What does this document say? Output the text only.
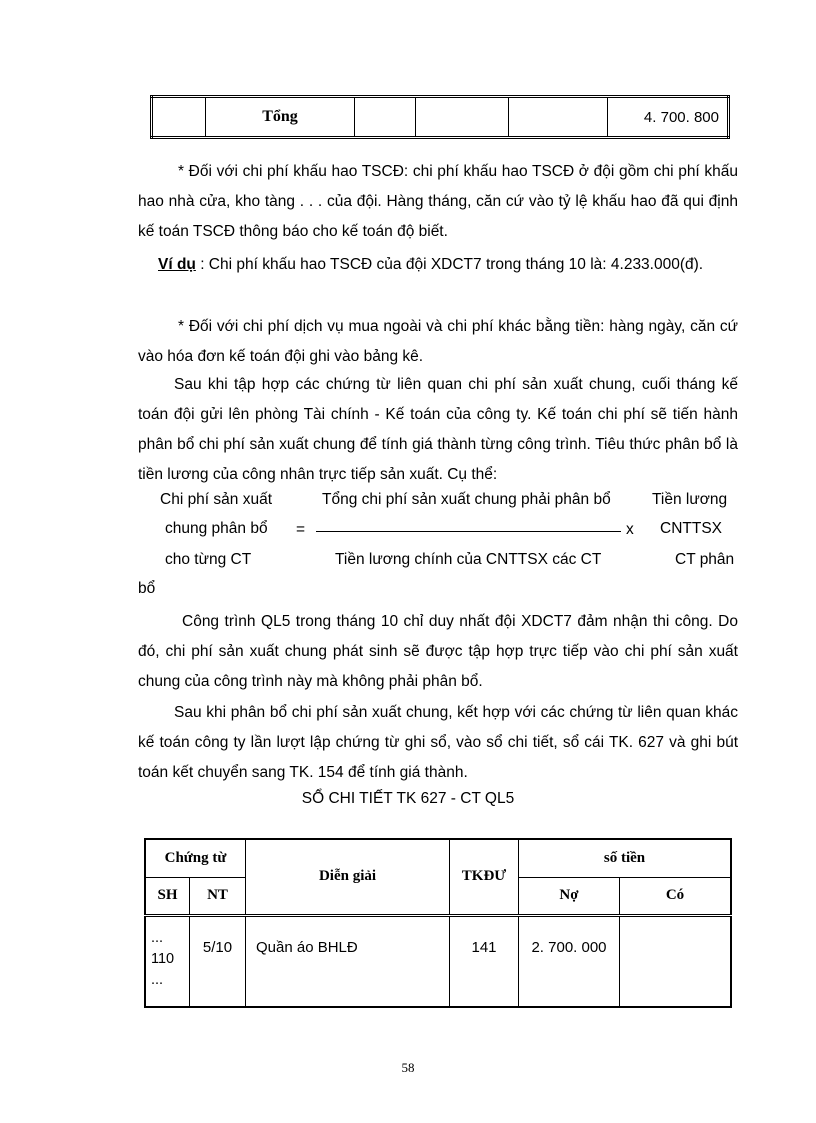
	Tổng				4. 700. 800
* Đối với chi phí khấu hao TSCĐ: chi phí khấu hao TSCĐ ở đội gồm chi phí khấu hao nhà cửa, kho tàng . . . của đội. Hàng tháng, căn cứ vào tỷ lệ khấu hao đã qui định kế toán TSCĐ thông báo cho kế toán độ biết.
Ví dụ : Chi phí khấu hao TSCĐ của đội XDCT7 trong tháng 10 là: 4.233.000(đ).
* Đối với chi phí dịch vụ mua ngoài và chi phí khác bằng tiền: hàng ngày, căn cứ vào hóa đơn kế toán đội ghi vào bảng kê.
Sau khi tập hợp các chứng từ liên quan chi phí sản xuất chung, cuối tháng kế toán đội gửi lên phòng Tài chính - Kế toán của công ty. Kế toán chi phí sẽ tiến hành phân bổ chi phí sản xuất chung để tính giá thành từng công trình. Tiêu thức phân bổ là tiền lương của công nhân trực tiếp sản xuất. Cụ thể:
Chi phí sản xuất
chung phân bổ
cho từng CT
bổ
=
Tổng chi phí sản xuất chung phải phân bổ
x
Tiền lương chính của CNTTSX các CT
Tiền lương
CNTTSX
CT phân
Công trình QL5 trong tháng 10 chỉ duy nhất đội XDCT7 đảm nhận thi công. Do đó, chi phí sản xuất chung phát sinh sẽ được tập hợp trực tiếp vào chi phí sản xuất chung của công trình này mà không phải phân bổ.
Sau khi phân bổ chi phí sản xuất chung, kết hợp với các chứng từ liên quan khác kế toán công ty lần lượt lập chứng từ ghi sổ, vào sổ chi tiết, sổ cái TK. 627 và ghi bút toán kết chuyển sang TK. 154 để tính giá thành.
SỔ CHI TIẾT TK 627 - CT QL5
Chứng từ		Diễn giải	TKĐƯ	số tiền	
SH	NT			Nợ	Có

...
110
...	5/10	Quần áo BHLĐ	141	2. 700. 000	
58
